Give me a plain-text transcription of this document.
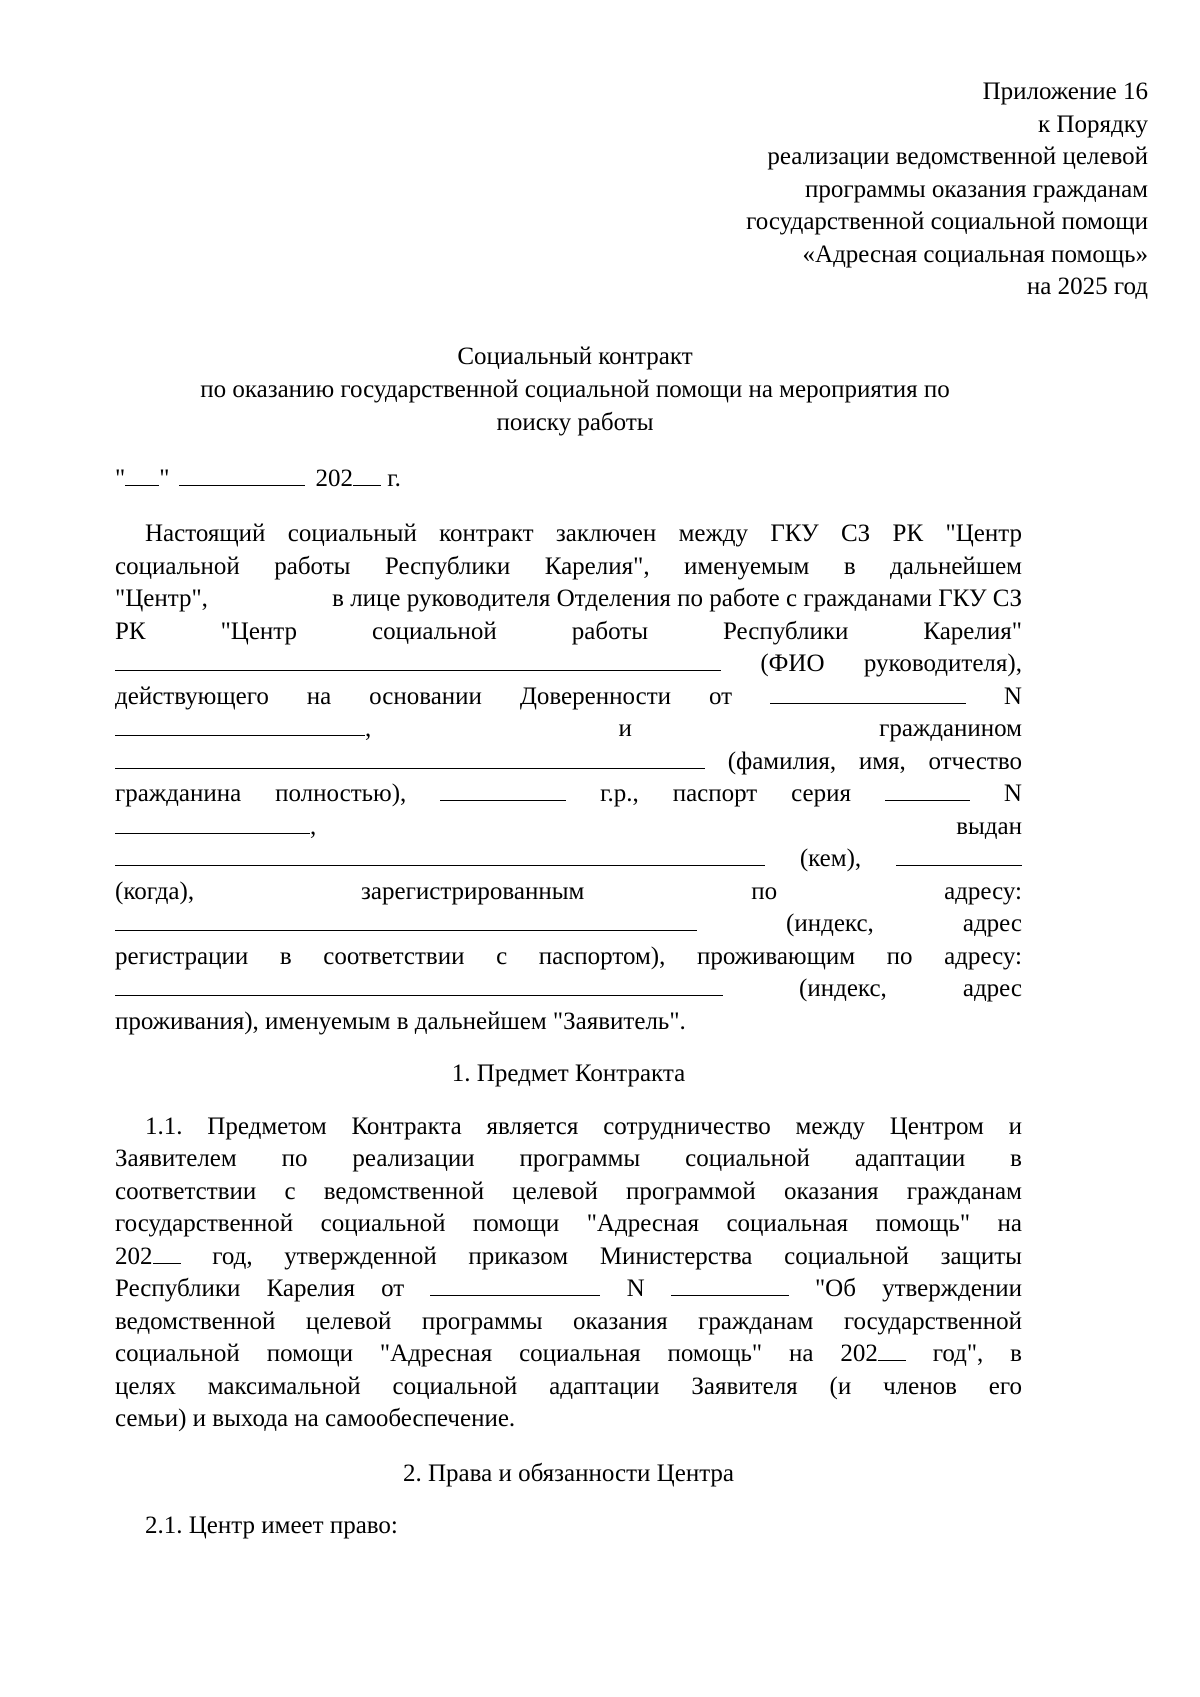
Приложение 16
к Порядку
реализации ведомственной целевой
программы оказания гражданам
государственной социальной помощи
«Адресная социальная помощь»
на 2025 год
Социальный контракт
по оказанию государственной социальной помощи на мероприятия по
поиску работы
" "	202 г.
Настоящий социальный контракт заключен между ГКУ СЗ РК "Центр
социальной работы Республики Карелия", именуемым в дальнейшем
"Центр",	в лице руководителя Отделения по работе с гражданами ГКУ СЗ
РК	"Центр	социальной	работы	Республики	Карелия"
(ФИО руководителя),
действующего на основании Доверенности от	N
,	и	гражданином
(фамилия, имя, отчество
гражданина полностью),	г.р., паспорт серия	N
,	выдан
(кем),
(когда),	зарегистрированным	по	адресу:
(индекс,	адрес
регистрации в соответствии с паспортом), проживающим по адресу:
(индекс,	адрес
проживания), именуемым в дальнейшем "Заявитель".
1. Предмет Контракта
1.1. Предметом Контракта является сотрудничество между Центром и
Заявителем по реализации программы социальной адаптации в
соответствии с ведомственной целевой программой оказания гражданам
государственной социальной помощи "Адресная социальная помощь" на
202	год, утвержденной приказом Министерства социальной защиты
Республики Карелия от	N	"Об утверждении
ведомственной целевой программы оказания гражданам государственной
социальной помощи "Адресная социальная помощь" на 202	год", в
целях максимальной социальной адаптации Заявителя (и членов его
семьи) и выхода на самообеспечение.
2. Права и обязанности Центра
2.1. Центр имеет право:
